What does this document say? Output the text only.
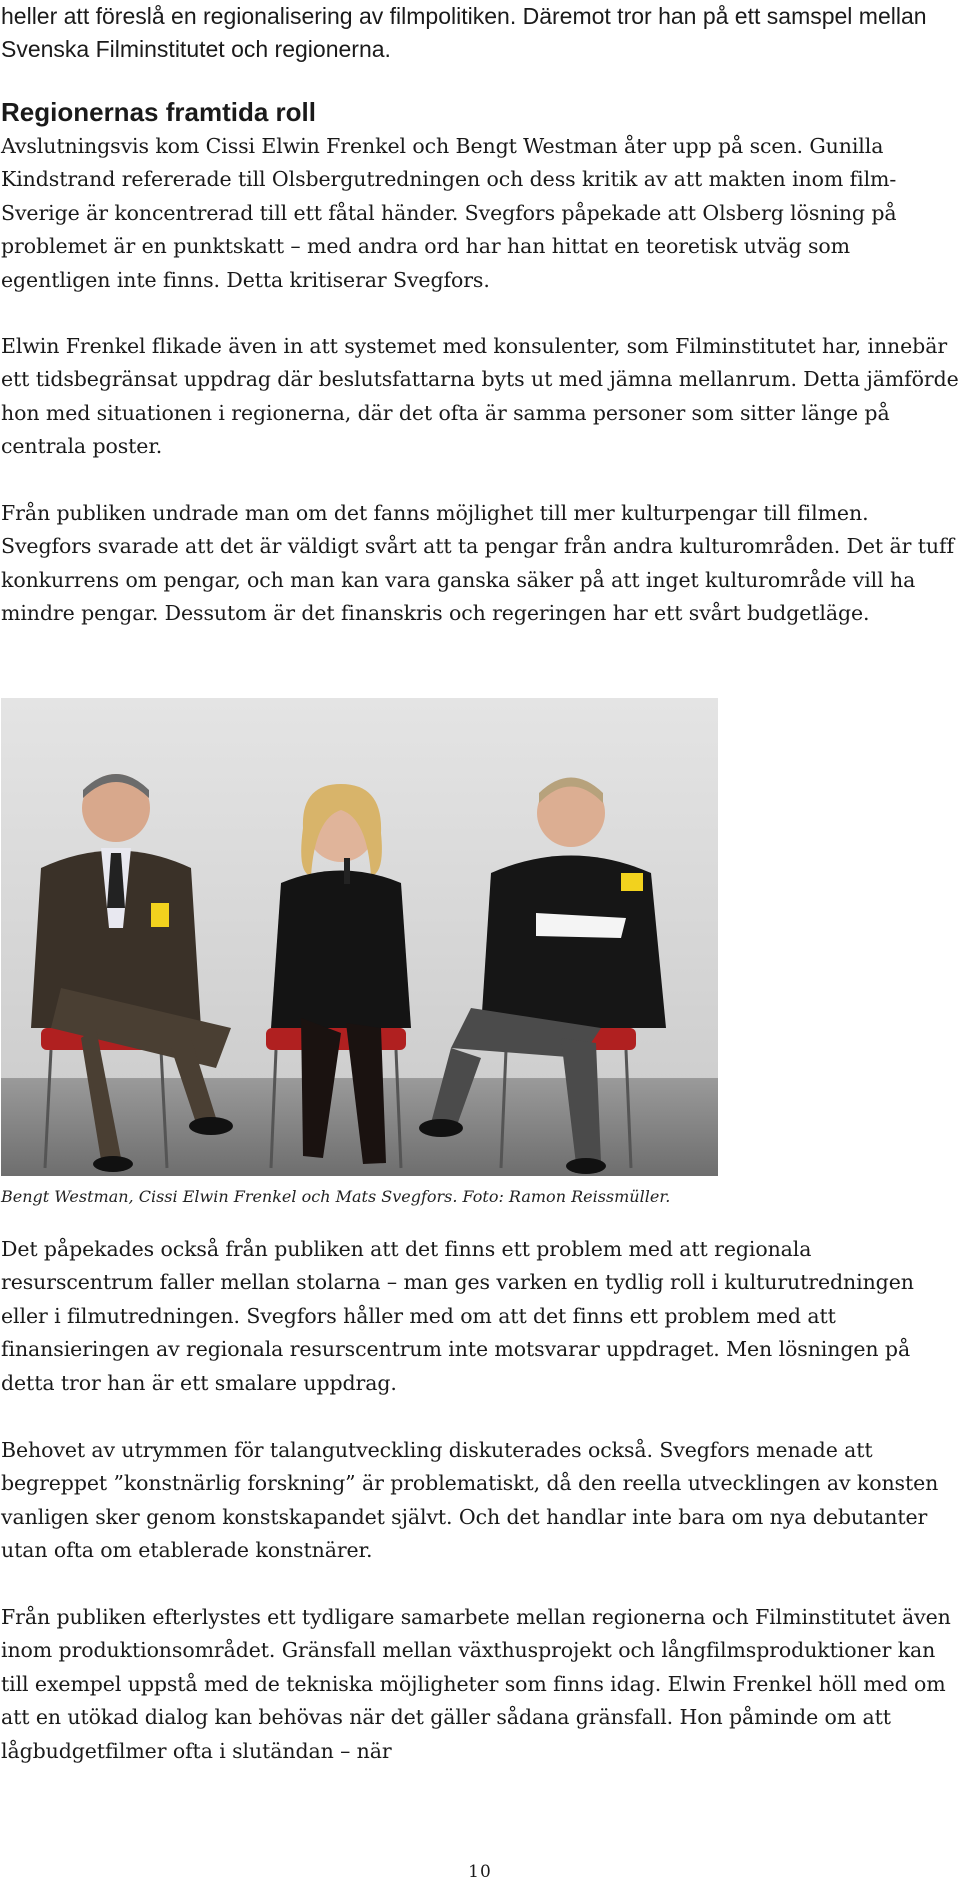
heller att föreslå en regionalisering av filmpolitiken. Däremot tror han på ett samspel mellan Svenska Filminstitutet och regionerna.

Regionernas framtida roll

Avslutningsvis kom Cissi Elwin Frenkel och Bengt Westman åter upp på scen. Gunilla Kindstrand refererade till Olsbergutredningen och dess kritik av att makten inom film-Sverige är koncentrerad till ett fåtal händer. Svegfors påpekade att Olsberg lösning på problemet är en punktskatt – med andra ord har han hittat en teoretisk utväg som egentligen inte finns. Detta kritiserar Svegfors.

Elwin Frenkel flikade även in att systemet med konsulenter, som Filminstitutet har, innebär ett tidsbegränsat uppdrag där beslutsfattarna byts ut med jämna mellanrum. Detta jämförde hon med situationen i regionerna, där det ofta är samma personer som sitter länge på centrala poster.

Från publiken undrade man om det fanns möjlighet till mer kulturpengar till filmen. Svegfors svarade att det är väldigt svårt att ta pengar från andra kulturområden. Det är tuff konkurrens om pengar, och man kan vara ganska säker på att inget kulturområde vill ha mindre pengar. Dessutom är det finanskris och regeringen har ett svårt budgetläge.

Bengt Westman, Cissi Elwin Frenkel och Mats Svegfors. Foto: Ramon Reissmüller.

Det påpekades också från publiken att det finns ett problem med att regionala resurscentrum faller mellan stolarna – man ges varken en tydlig roll i kulturutredningen eller i filmutredningen. Svegfors håller med om att det finns ett problem med att finansieringen av regionala resurscentrum inte motsvarar uppdraget. Men lösningen på detta tror han är ett smalare uppdrag.

Behovet av utrymmen för talangutveckling diskuterades också. Svegfors menade att begreppet ”konstnärlig forskning” är problematiskt, då den reella utvecklingen av konsten vanligen sker genom konstskapandet självt. Och det handlar inte bara om nya debutanter utan ofta om etablerade konstnärer.

Från publiken efterlystes ett tydligare samarbete mellan regionerna och Filminstitutet även inom produktionsområdet. Gränsfall mellan växthusprojekt och långfilmsproduktioner kan till exempel uppstå med de tekniska möjligheter som finns idag. Elwin Frenkel höll med om att en utökad dialog kan behövas när det gäller sådana gränsfall. Hon påminde om att lågbudgetfilmer ofta i slutändan – när

10
